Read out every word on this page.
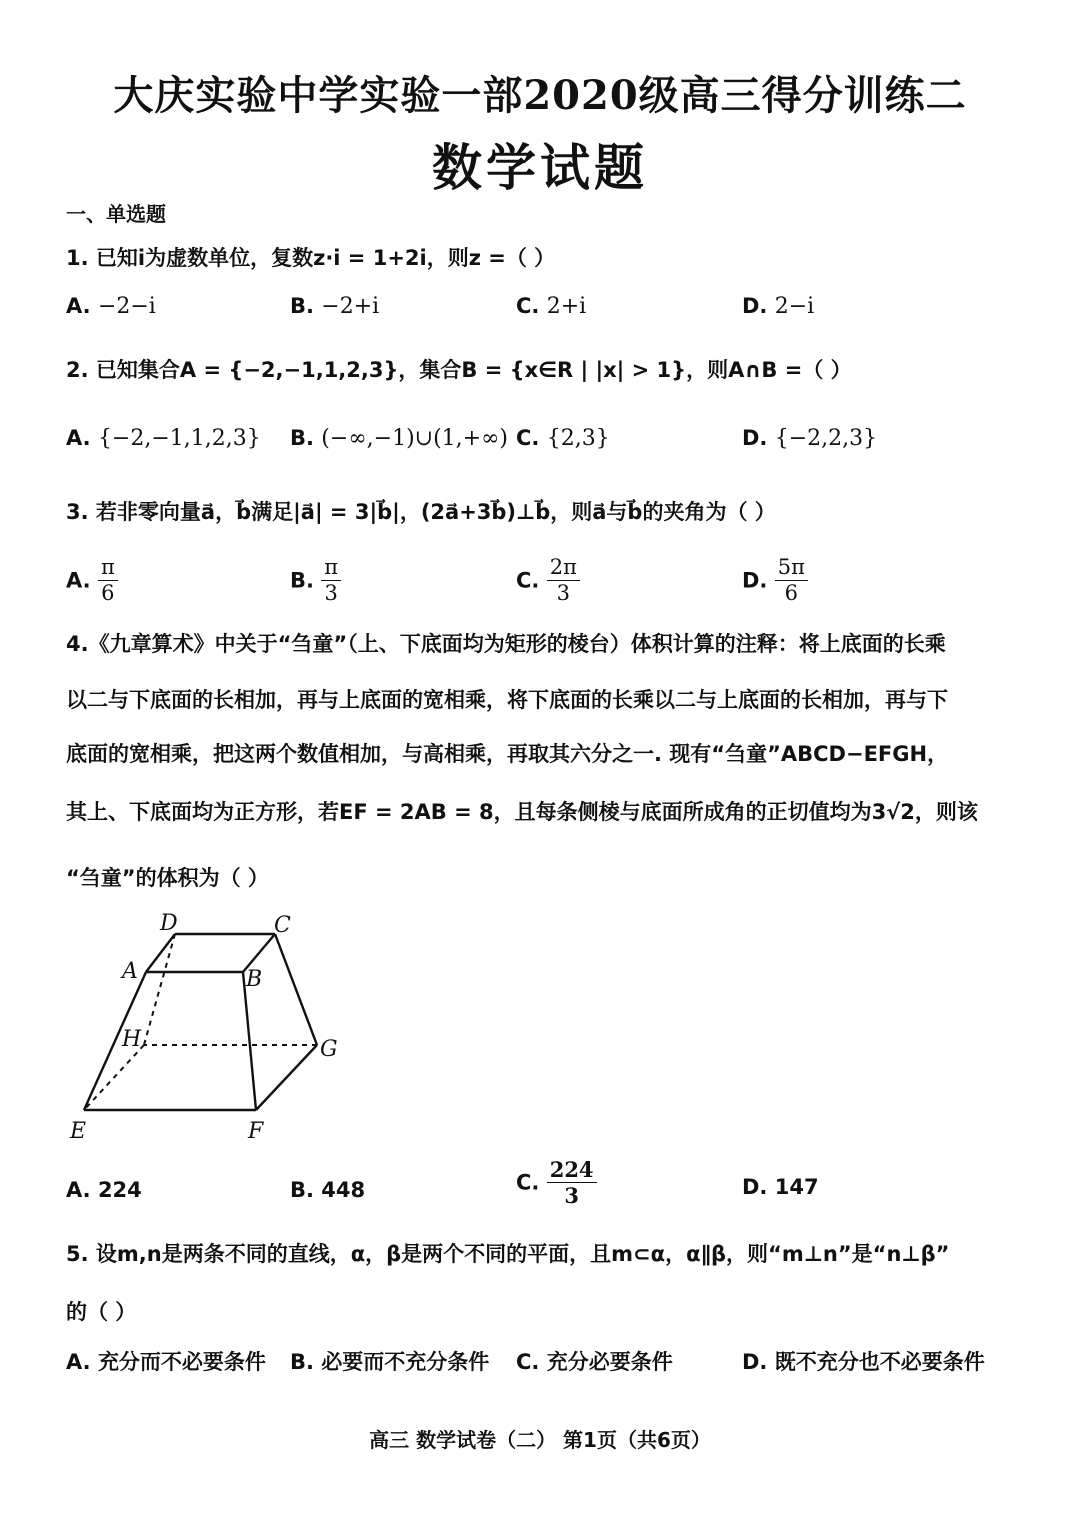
大庆实验中学实验一部2020级高三得分训练二
数学试题
一、单选题
1. 已知i为虚数单位，复数z·i = 1+2i，则z =（ ）
A. −2−i	B. −2+i	C. 2+i	D. 2−i
2. 已知集合A = {−2,−1,1,2,3}，集合B = {x∈R | |x| > 1}，则A∩B =（ ）
A. {−2,−1,1,2,3} B. (−∞,−1)∪(1,+∞) C. {2,3}	D. {−2,2,3}
3. 若非零向量a⃗，b⃗满足|a⃗| = 3|b⃗|，(2a⃗+3b⃗)⊥b⃗，则a⃗与b⃗的夹角为（ ）
A. $\frac{\pi}{6}$	B. $\frac{\pi}{3}$	C. $\frac{2\pi}{3}$	D. $\frac{5\pi}{6}$
4.《九章算术》中关于“刍童”（上、下底面均为矩形的棱台）体积计算的注释：将上底面的长乘
以二与下底面的长相加，再与上底面的宽相乘，将下底面的长乘以二与上底面的长相加，再与下
底面的宽相乘，把这两个数值相加，与高相乘，再取其六分之一. 现有“刍童”ABCD−EFGH，
其上、下底面均为正方形，若EF = 2AB = 8，且每条侧棱与底面所成角的正切值均为3√2，则该
“刍童”的体积为（ ）
D	C
A	B
H	G
E	F
A. 224	B. 448	C. $\frac{224}{3}$	D. 147
5. 设m,n是两条不同的直线，α，β是两个不同的平面，且m⊂α，α∥β，则“m⊥n”是“n⊥β”
的（ ）
A. 充分而不必要条件 B. 必要而不充分条件 C. 充分必要条件	D. 既不充分也不必要条件
高三 数学试卷（二） 第1页（共6页）
